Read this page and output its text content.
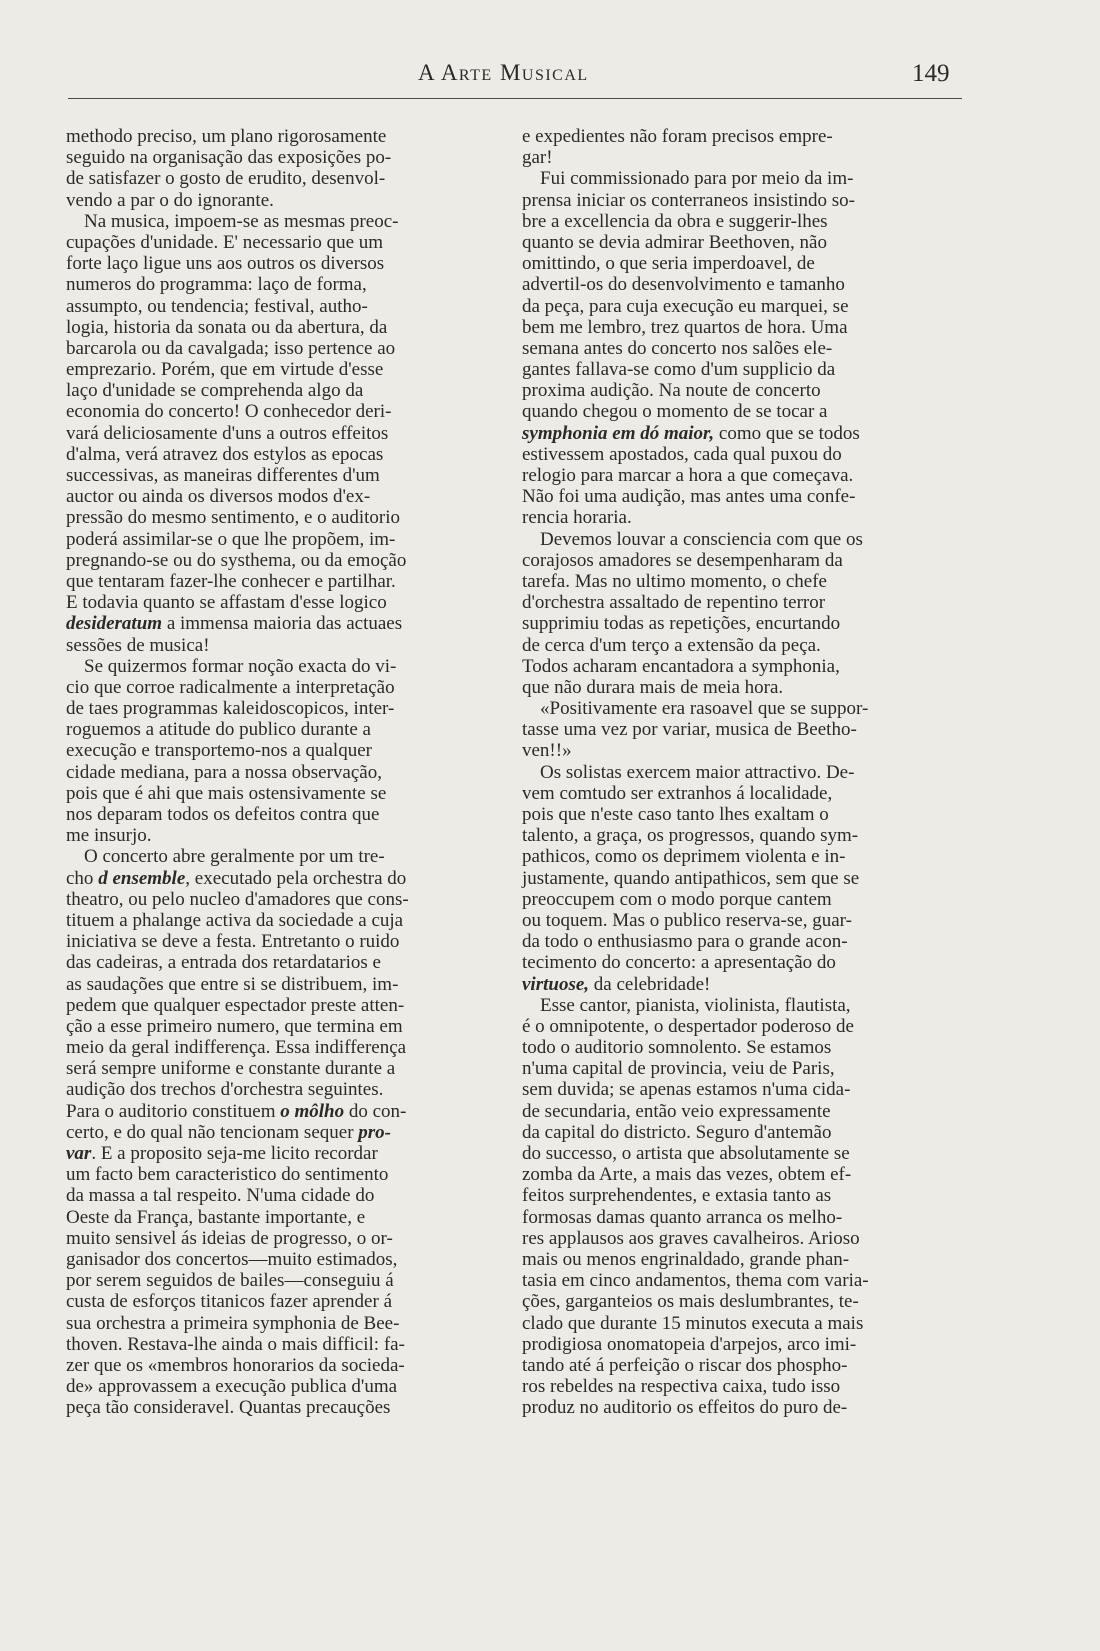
A Arte Musical	149
methodo preciso, um plano rigorosamente
seguido na organisação das exposições po-
de satisfazer o gosto de erudito, desenvol-
vendo a par o do ignorante.
Na musica, impoem-se as mesmas preoc-
cupações d'unidade. E' necessario que um
forte laço ligue uns aos outros os diversos
numeros do programma: laço de forma,
assumpto, ou tendencia; festival, autho-
logia, historia da sonata ou da abertura, da
barcarola ou da cavalgada; isso pertence ao
emprezario. Porém, que em virtude d'esse
laço d'unidade se comprehenda algo da
economia do concerto! O conhecedor deri-
vará deliciosamente d'uns a outros effeitos
d'alma, verá atravez dos estylos as epocas
successivas, as maneiras differentes d'um
auctor ou ainda os diversos modos d'ex-
pressão do mesmo sentimento, e o auditorio
poderá assimilar-se o que lhe propõem, im-
pregnando-se ou do systhema, ou da emoção
que tentaram fazer-lhe conhecer e partilhar.
E todavia quanto se affastam d'esse logico
desideratum a immensa maioria das actuaes
sessões de musica!
Se quizermos formar noção exacta do vi-
cio que corroe radicalmente a interpretação
de taes programmas kaleidoscopicos, inter-
roguemos a atitude do publico durante a
execução e transportemo-nos a qualquer
cidade mediana, para a nossa observação,
pois que é ahi que mais ostensivamente se
nos deparam todos os defeitos contra que
me insurjo.
O concerto abre geralmente por um tre-
cho d ensemble, executado pela orchestra do
theatro, ou pelo nucleo d'amadores que cons-
tituem a phalange activa da sociedade a cuja
iniciativa se deve a festa. Entretanto o ruido
das cadeiras, a entrada dos retardatarios e
as saudações que entre si se distribuem, im-
pedem que qualquer espectador preste atten-
ção a esse primeiro numero, que termina em
meio da geral indifferença. Essa indifferença
será sempre uniforme e constante durante a
audição dos trechos d'orchestra seguintes.
Para o auditorio constituem o môlho do con-
certo, e do qual não tencionam sequer pro-
var. E a proposito seja-me licito recordar
um facto bem caracteristico do sentimento
da massa a tal respeito. N'uma cidade do
Oeste da França, bastante importante, e
muito sensivel ás ideias de progresso, o or-
ganisador dos concertos—muito estimados,
por serem seguidos de bailes—conseguiu á
custa de esforços titanicos fazer aprender á
sua orchestra a primeira symphonia de Bee-
thoven. Restava-lhe ainda o mais difficil: fa-
zer que os «membros honorarios da socieda-
de» approvassem a execução publica d'uma
peça tão consideravel. Quantas precauções
e expedientes não foram precisos empre-
gar!
Fui commissionado para por meio da im-
prensa iniciar os conterraneos insistindo so-
bre a excellencia da obra e suggerir-lhes
quanto se devia admirar Beethoven, não
omittindo, o que seria imperdoavel, de
advertil-os do desenvolvimento e tamanho
da peça, para cuja execução eu marquei, se
bem me lembro, trez quartos de hora. Uma
semana antes do concerto nos salões ele-
gantes fallava-se como d'um supplicio da
proxima audição. Na noute de concerto
quando chegou o momento de se tocar a
symphonia em dó maior, como que se todos
estivessem apostados, cada qual puxou do
relogio para marcar a hora a que começava.
Não foi uma audição, mas antes uma confe-
rencia horaria.
Devemos louvar a consciencia com que os
corajosos amadores se desempenharam da
tarefa. Mas no ultimo momento, o chefe
d'orchestra assaltado de repentino terror
supprimiu todas as repetições, encurtando
de cerca d'um terço a extensão da peça.
Todos acharam encantadora a symphonia,
que não durara mais de meia hora.
«Positivamente era rasoavel que se suppor-
tasse uma vez por variar, musica de Beetho-
ven!!»
Os solistas exercem maior attractivo. De-
vem comtudo ser extranhos á localidade,
pois que n'este caso tanto lhes exaltam o
talento, a graça, os progressos, quando sym-
pathicos, como os deprimem violenta e in-
justamente, quando antipathicos, sem que se
preoccupem com o modo porque cantem
ou toquem. Mas o publico reserva-se, guar-
da todo o enthusiasmo para o grande acon-
tecimento do concerto: a apresentação do
virtuose, da celebridade!
Esse cantor, pianista, violinista, flautista,
é o omnipotente, o despertador poderoso de
todo o auditorio somnolento. Se estamos
n'uma capital de provincia, veiu de Paris,
sem duvida; se apenas estamos n'uma cida-
de secundaria, então veio expressamente
da capital do districto. Seguro d'antemão
do successo, o artista que absolutamente se
zomba da Arte, a mais das vezes, obtem ef-
feitos surprehendentes, e extasia tanto as
formosas damas quanto arranca os melho-
res applausos aos graves cavalheiros. Arioso
mais ou menos engrinaldado, grande phan-
tasia em cinco andamentos, thema com varia-
ções, garganteios os mais deslumbrantes, te-
clado que durante 15 minutos executa a mais
prodigiosa onomatopeia d'arpejos, arco imi-
tando até á perfeição o riscar dos phospho-
ros rebeldes na respectiva caixa, tudo isso
produz no auditorio os effeitos do puro de-
